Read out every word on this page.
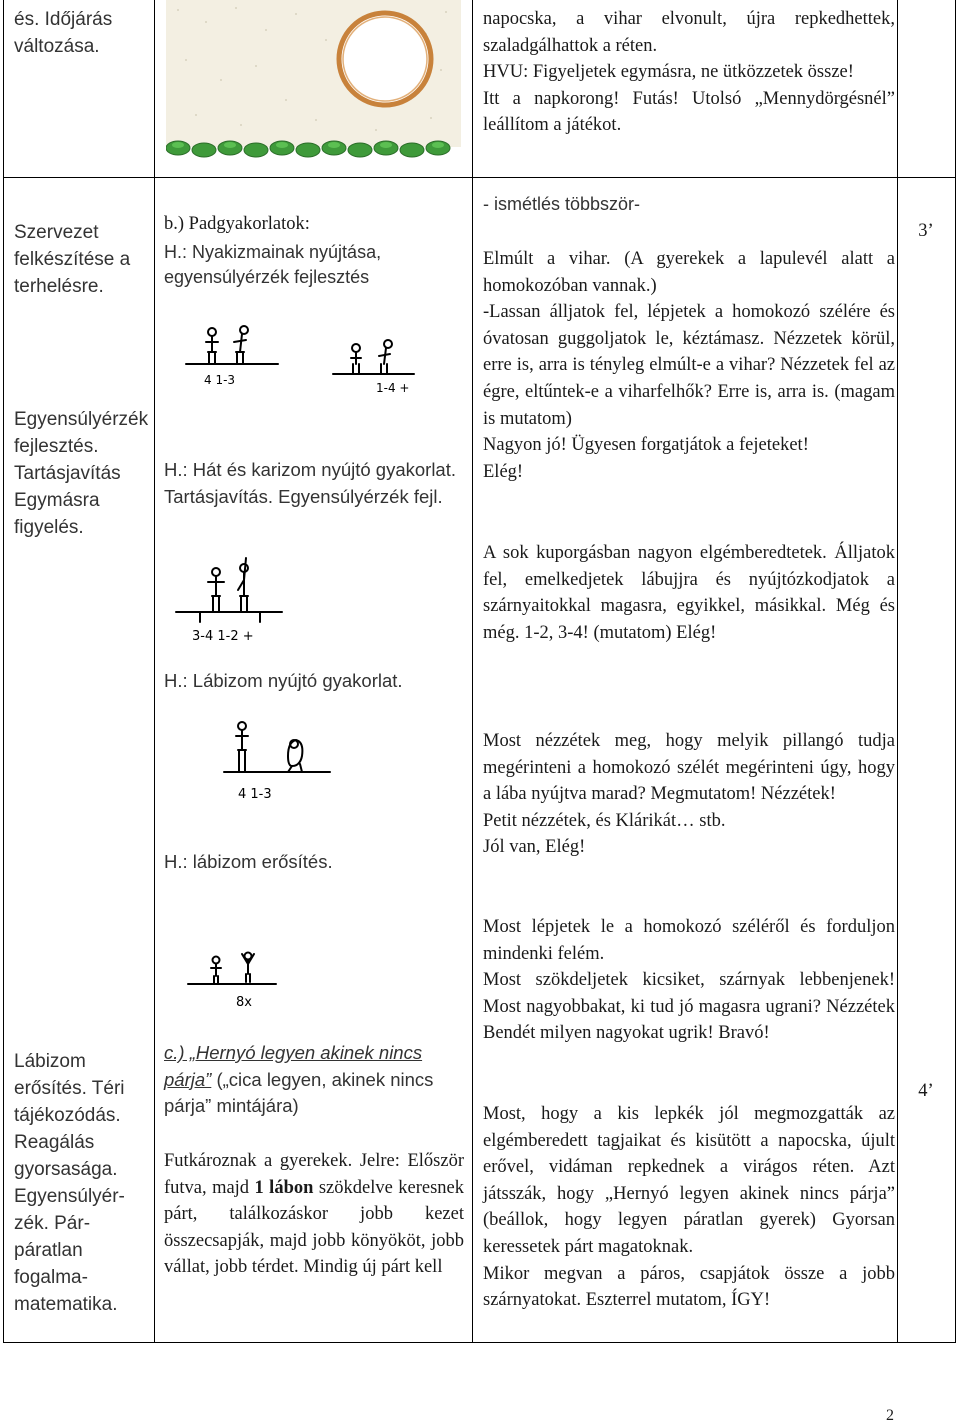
és. Időjárás változása.
napocska, a vihar elvonult, újra repkedhettek, szaladgálhattok a réten.
HVU: Figyeljetek egymásra, ne ütközzetek össze!
Itt a napkorong! Futás! Utolsó „Mennydörgésnél” leállítom a játékot.
Szervezet felkészítése a terhelésre.
Egyensúlyérzék fejlesztés. Tartásjavítás Egymásra figyelés.
b.) Padgyakorlatok:
H.: Nyakizmainak nyújtása, egyensúlyérzék fejlesztés
4 1-3
1-4 +
H.: Hát és karizom nyújtó gyakorlat. Tartásjavítás. Egyensúlyérzék fejl.
3-4 1-2 +
H.: Lábizom nyújtó gyakorlat.
4 1-3
H.: lábizom erősítés.
- ismétlés többször-
Elmúlt a vihar. (A gyerekek a lapulevél alatt a homokozóban vannak.)
-Lassan álljatok fel, lépjetek a homokozó szélére és óvatosan guggoljatok le, kéztámasz. Nézzetek körül, erre is, arra is tényleg elmúlt-e a vihar? Nézzetek fel az égre, eltűntek-e a viharfelhők? Erre is, arra is. (magam is mutatom)
Nagyon jó! Ügyesen forgatjátok a fejeteket!
Elég!
A sok kuporgásban nagyon elgémberedtetek. Álljatok fel, emelkedjetek lábujjra és nyújtózkodjatok a szárnyaitokkal magasra, egyikkel, másikkal. Még és még. 1-2, 3-4! (mutatom) Elég!
Most nézzétek meg, hogy melyik pillangó tudja megérinteni a homokozó szélét megérinteni úgy, hogy a lába nyújtva marad? Megmutatom! Nézzétek!
Petit nézzétek, és Klárikát… stb.
Jól van, Elég!
3’
Lábizom erősítés. Téri tájékozódás. Reagálás gyorsasága. Egyensúlyér-zék. Pár-páratlan fogalma-matematika.
8x
c.) „Hernyó legyen akinek nincs párja” („cica legyen, akinek nincs párja” mintájára)
Futkároznak a gyerekek. Jelre: Először futva, majd 1 lábon szökdelve keresnek párt, találkozáskor jobb kezet összecsapják, majd jobb könyököt, jobb vállat, jobb térdet. Mindig új párt kell
Most lépjetek le a homokozó széléről és forduljon mindenki felém.
Most szökdeljetek kicsiket, szárnyak lebbenjenek! Most nagyobbakat, ki tud jó magasra ugrani? Nézzétek Bendét milyen nagyokat ugrik! Bravó!
Most, hogy a kis lepkék jól megmozgatták az elgémberedett tagjaikat és kisütött a napocska, újult erővel, vidáman repkednek a virágos réten. Azt játsszák, hogy „Hernyó legyen akinek nincs párja” (beállok, hogy legyen páratlan gyerek) Gyorsan keressetek párt magatoknak.
Mikor megvan a páros, csapjátok össze a jobb szárnyatokat. Eszterrel mutatom, ÍGY!
4’
2
